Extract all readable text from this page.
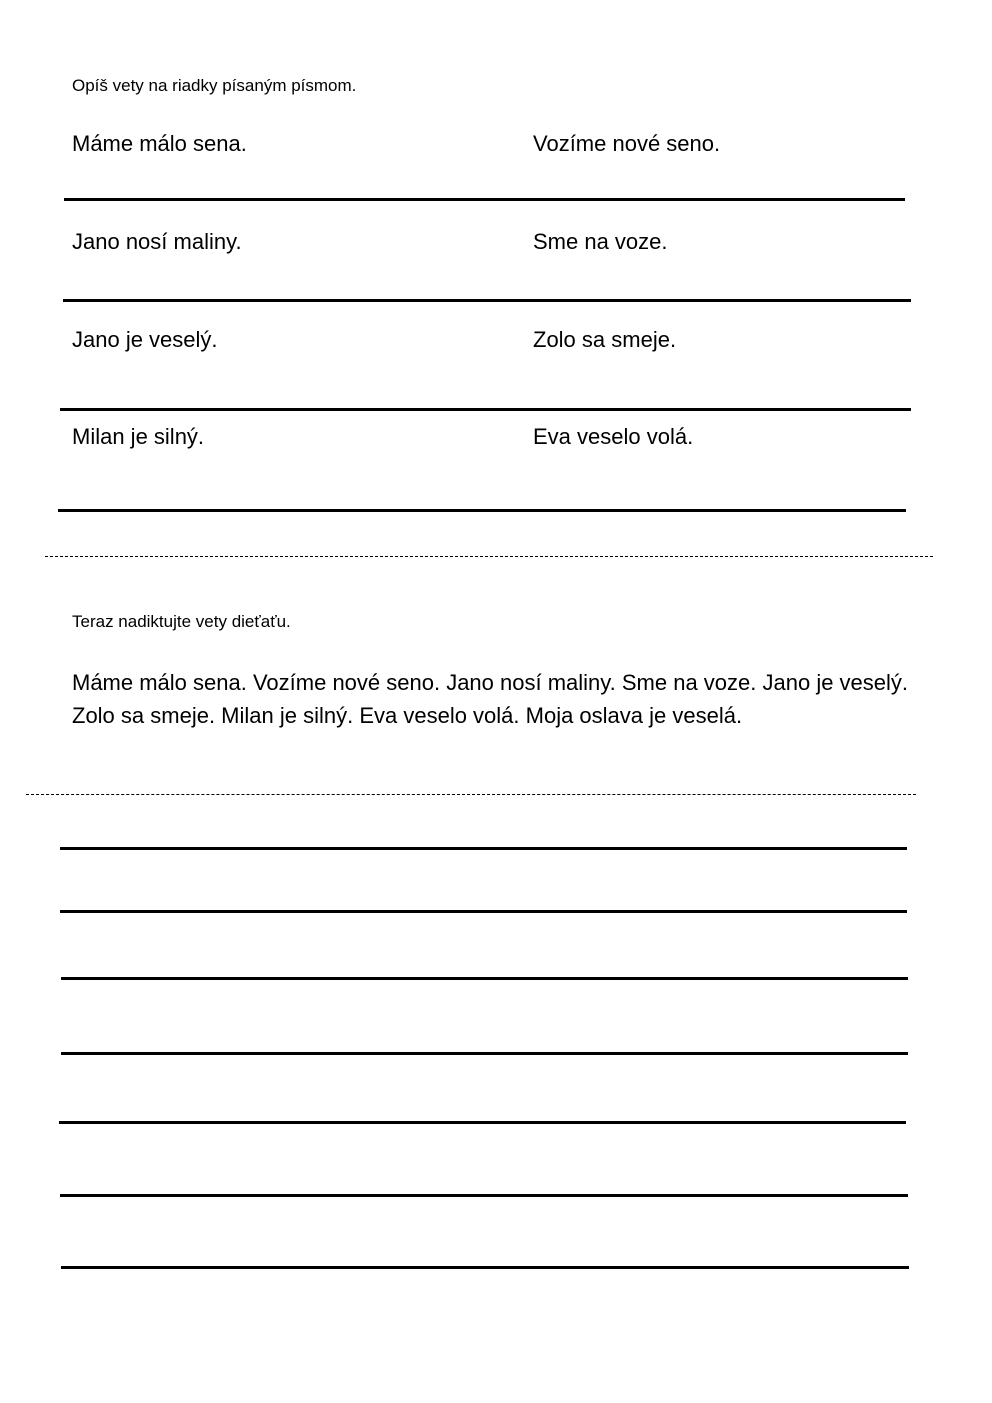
Opíš vety na riadky písaným písmom.
Máme málo sena.	Vozíme nové seno.
Jano nosí maliny.	Sme na voze.
Jano je veselý.	Zolo sa smeje.
Milan je silný.	Eva veselo volá.
Teraz nadiktujte vety dieťaťu.
Máme málo sena. Vozíme nové seno. Jano nosí maliny. Sme na voze. Jano je veselý. Zolo sa smeje. Milan je silný. Eva veselo volá. Moja oslava je veselá.
